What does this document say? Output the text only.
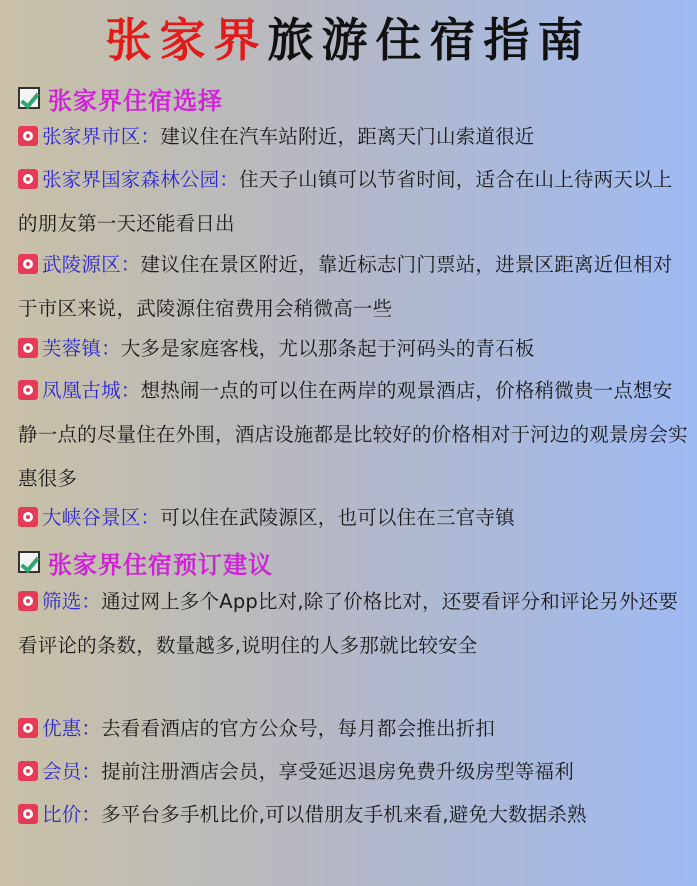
张家界旅游住宿指南
张家界住宿选择
张家界市区：建议住在汽车站附近，距离天门山索道很近
张家界国家森林公园：住天子山镇可以节省时间，适合在山上待两天以上的朋友第一天还能看日出
武陵源区：建议住在景区附近，靠近标志门门票站，进景区距离近但相对于市区来说，武陵源住宿费用会稍微高一些
芙蓉镇：大多是家庭客栈，尤以那条起于河码头的青石板
凤凰古城：想热闹一点的可以住在两岸的观景酒店，价格稍微贵一点想安静一点的尽量住在外围，酒店设施都是比较好的价格相对于河边的观景房会实惠很多
大峡谷景区：可以住在武陵源区，也可以住在三官寺镇
张家界住宿预订建议
筛选：通过网上多个App比对,除了价格比对，还要看评分和评论另外还要看评论的条数，数量越多,说明住的人多那就比较安全
优惠：去看看酒店的官方公众号，每月都会推出折扣
会员：提前注册酒店会员，享受延迟退房免费升级房型等福利
比价：多平台多手机比价,可以借朋友手机来看,避免大数据杀熟
